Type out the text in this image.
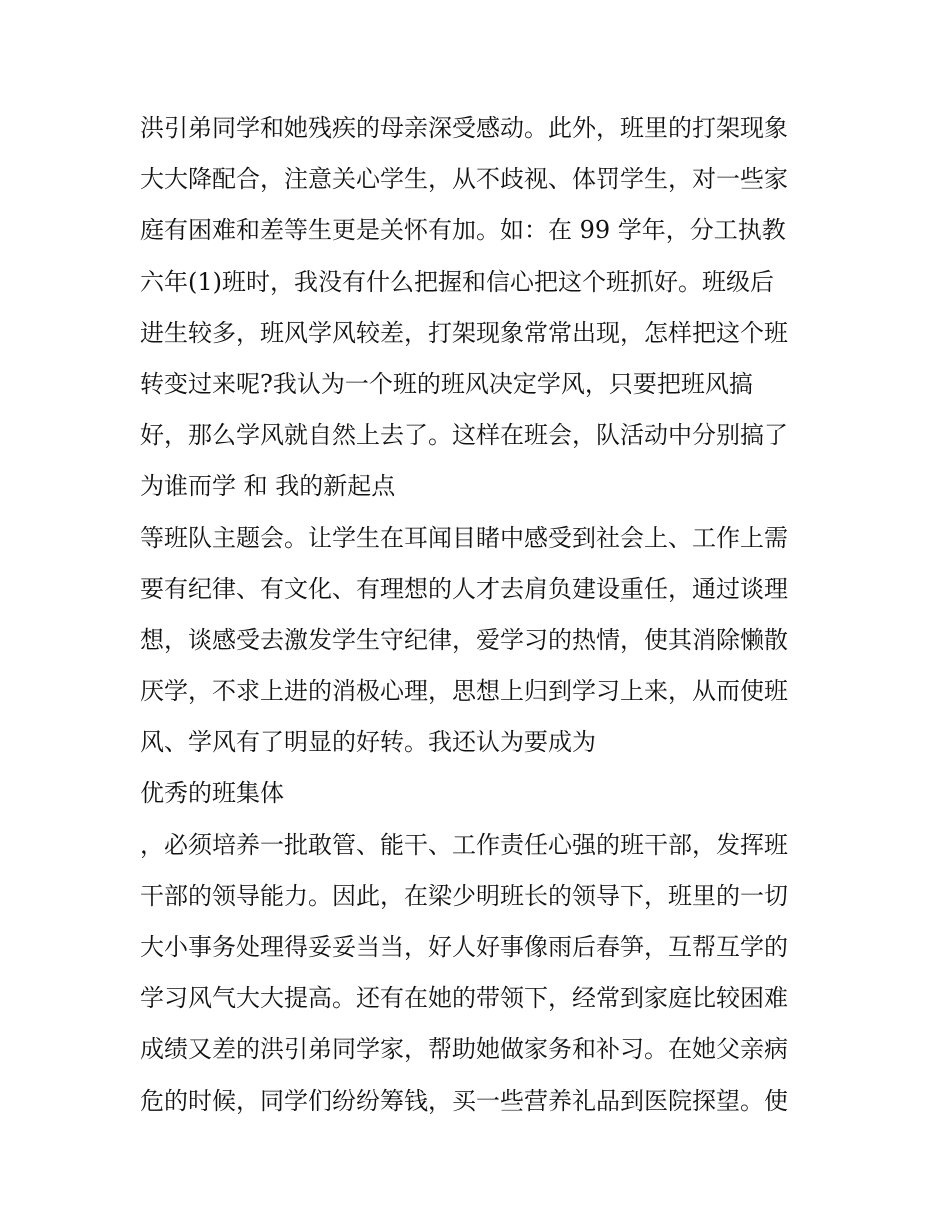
洪引弟同学和她残疾的母亲深受感动。此外，班里的打架现象
大大降配合，注意关心学生，从不歧视、体罚学生，对一些家
庭有困难和差等生更是关怀有加。如：在 99 学年，分工执教
六年(1)班时，我没有什么把握和信心把这个班抓好。班级后
进生较多，班风学风较差，打架现象常常出现，怎样把这个班
转变过来呢?我认为一个班的班风决定学风，只要把班风搞
好，那么学风就自然上去了。这样在班会，队活动中分别搞了
为谁而学 和 我的新起点
等班队主题会。让学生在耳闻目睹中感受到社会上、工作上需
要有纪律、有文化、有理想的人才去肩负建设重任，通过谈理
想，谈感受去激发学生守纪律，爱学习的热情，使其消除懒散
厌学，不求上进的消极心理，思想上归到学习上来，从而使班
风、学风有了明显的好转。我还认为要成为
优秀的班集体
，必须培养一批敢管、能干、工作责任心强的班干部，发挥班
干部的领导能力。因此，在梁少明班长的领导下，班里的一切
大小事务处理得妥妥当当，好人好事像雨后春笋，互帮互学的
学习风气大大提高。还有在她的带领下，经常到家庭比较困难
成绩又差的洪引弟同学家，帮助她做家务和补习。在她父亲病
危的时候，同学们纷纷筹钱，买一些营养礼品到医院探望。使
